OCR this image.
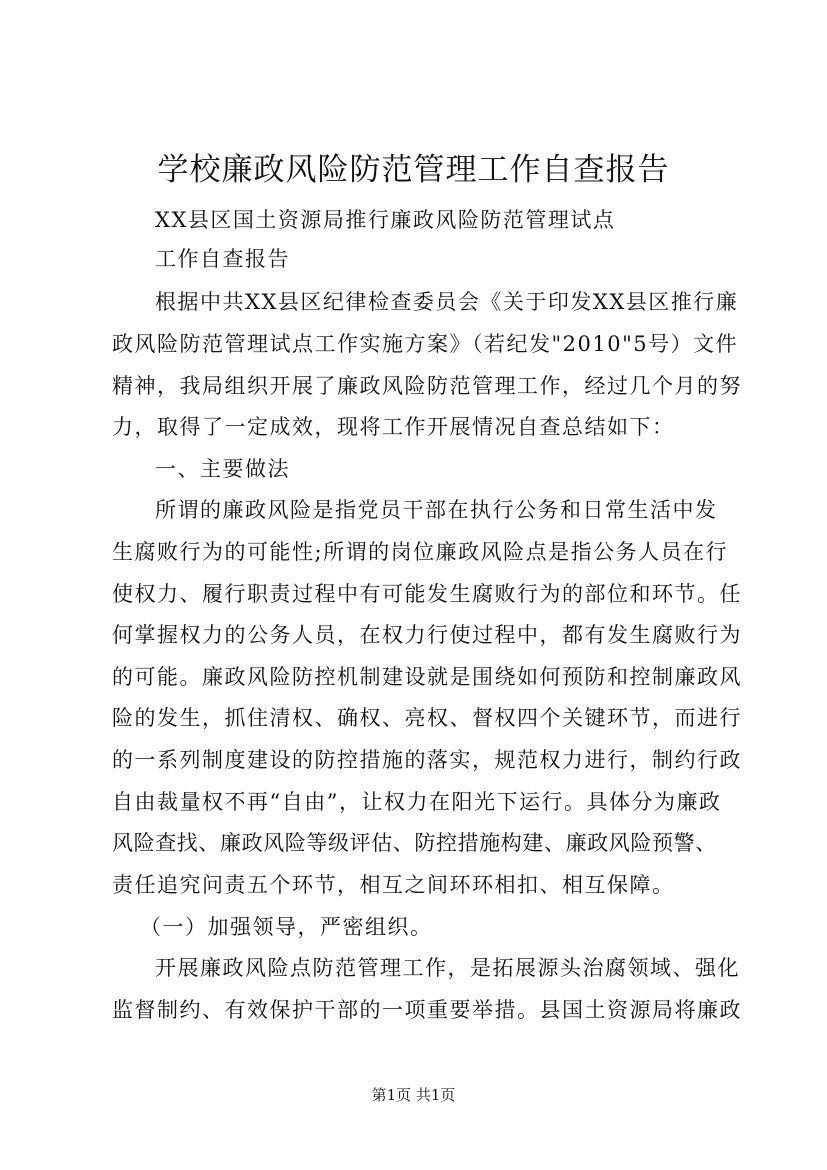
学校廉政风险防范管理工作自查报告
XX县区国土资源局推行廉政风险防范管理试点
工作自查报告
根据中共XX县区纪律检查委员会《关于印发XX县区推行廉
政风险防范管理试点工作实施方案》（若纪发"2010"5号）文件
精神，我局组织开展了廉政风险防范管理工作，经过几个月的努
力，取得了一定成效，现将工作开展情况自查总结如下：
一、主要做法
所谓的廉政风险是指党员干部在执行公务和日常生活中发
生腐败行为的可能性;所谓的岗位廉政风险点是指公务人员在行
使权力、履行职责过程中有可能发生腐败行为的部位和环节。任
何掌握权力的公务人员，在权力行使过程中，都有发生腐败行为
的可能。廉政风险防控机制建设就是围绕如何预防和控制廉政风
险的发生，抓住清权、确权、亮权、督权四个关键环节，而进行
的一系列制度建设的防控措施的落实，规范权力进行，制约行政
自由裁量权不再“自由”，让权力在阳光下运行。具体分为廉政
风险查找、廉政风险等级评估、防控措施构建、廉政风险预警、
责任追究问责五个环节，相互之间环环相扣、相互保障。
（一）加强领导，严密组织。
开展廉政风险点防范管理工作，是拓展源头治腐领域、强化
监督制约、有效保护干部的一项重要举措。县国土资源局将廉政
第1页 共1页
